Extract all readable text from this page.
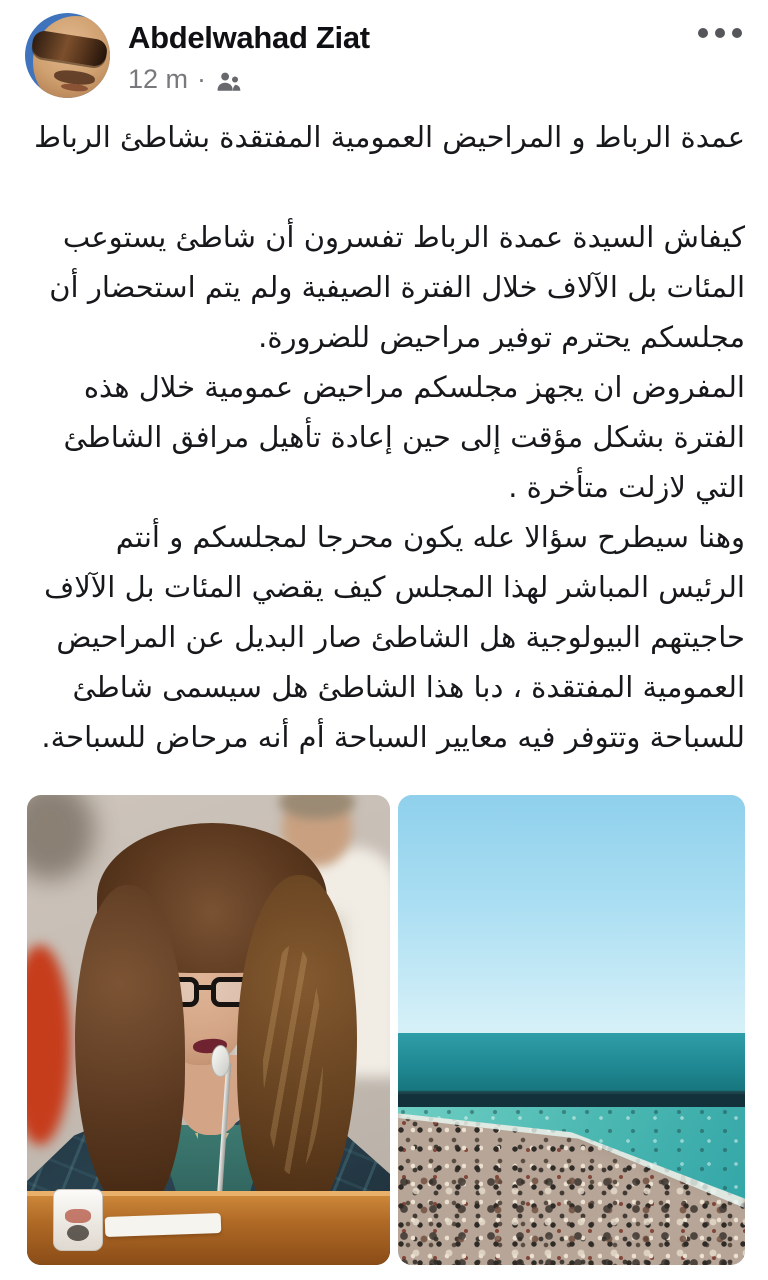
Abdelwahad Ziat
12 m ·
عمدة الرباط و المراحيض العمومية المفتقدة بشاطئ الرباط
كيفاش السيدة عمدة الرباط تفسرون أن شاطئ يستوعب
المئات بل الآلاف خلال الفترة الصيفية ولم يتم استحضار أن
مجلسكم يحترم توفير مراحيض للضرورة.
المفروض ان يجهز مجلسكم مراحيض عمومية خلال هذه
الفترة بشكل مؤقت إلى حين إعادة تأهيل مرافق الشاطئ
التي لازلت متأخرة .
وهنا سيطرح سؤالا عله يكون محرجا لمجلسكم و أنتم
الرئيس المباشر لهذا المجلس كيف يقضي المئات بل الآلاف
حاجيتهم البيولوجية هل الشاطئ صار البديل عن المراحيض
العمومية المفتقدة ، دبا هذا الشاطئ هل سيسمى شاطئ
للسباحة وتتوفر فيه معايير السباحة أم أنه مرحاض للسباحة.
